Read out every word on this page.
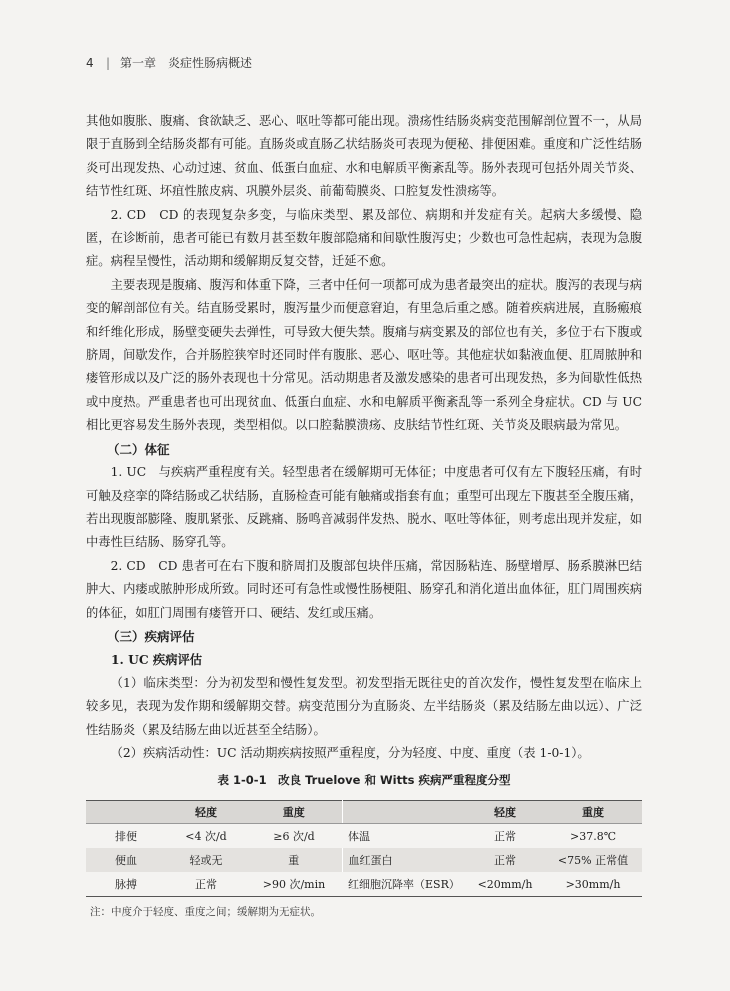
4 | 第一章　炎症性肠病概述

其他如腹胀、腹痛、食欲缺乏、恶心、呕吐等都可能出现。溃疡性结肠炎病变范围解剖位置不一，从局限于直肠到全结肠炎都有可能。直肠炎或直肠乙状结肠炎可表现为便秘、排便困难。重度和广泛性结肠炎可出现发热、心动过速、贫血、低蛋白血症、水和电解质平衡紊乱等。肠外表现可包括外周关节炎、结节性红斑、坏疽性脓皮病、巩膜外层炎、前葡萄膜炎、口腔复发性溃疡等。

2. CD　CD 的表现复杂多变，与临床类型、累及部位、病期和并发症有关。起病大多缓慢、隐匿，在诊断前，患者可能已有数月甚至数年腹部隐痛和间歇性腹泻史；少数也可急性起病，表现为急腹症。病程呈慢性，活动期和缓解期反复交替，迁延不愈。

主要表现是腹痛、腹泻和体重下降，三者中任何一项都可成为患者最突出的症状。腹泻的表现与病变的解剖部位有关。结直肠受累时，腹泻量少而便意窘迫，有里急后重之感。随着疾病进展，直肠瘢痕和纤维化形成，肠壁变硬失去弹性，可导致大便失禁。腹痛与病变累及的部位也有关，多位于右下腹或脐周，间歇发作，合并肠腔狭窄时还同时伴有腹胀、恶心、呕吐等。其他症状如黏液血便、肛周脓肿和瘘管形成以及广泛的肠外表现也十分常见。活动期患者及激发感染的患者可出现发热，多为间歇性低热或中度热。严重患者也可出现贫血、低蛋白血症、水和电解质平衡紊乱等一系列全身症状。CD 与 UC 相比更容易发生肠外表现，类型相似。以口腔黏膜溃疡、皮肤结节性红斑、关节炎及眼病最为常见。

（二）体征

1. UC　与疾病严重程度有关。轻型患者在缓解期可无体征；中度患者可仅有左下腹轻压痛，有时可触及痉挛的降结肠或乙状结肠，直肠检查可能有触痛或指套有血；重型可出现左下腹甚至全腹压痛，若出现腹部膨隆、腹肌紧张、反跳痛、肠鸣音减弱伴发热、脱水、呕吐等体征，则考虑出现并发症，如中毒性巨结肠、肠穿孔等。

2. CD　CD 患者可在右下腹和脐周扪及腹部包块伴压痛，常因肠粘连、肠壁增厚、肠系膜淋巴结肿大、内瘘或脓肿形成所致。同时还可有急性或慢性肠梗阻、肠穿孔和消化道出血体征，肛门周围疾病的体征，如肛门周围有瘘管开口、硬结、发红或压痛。

（三）疾病评估
1. UC 疾病评估

（1）临床类型：分为初发型和慢性复发型。初发型指无既往史的首次发作，慢性复发型在临床上较多见，表现为发作期和缓解期交替。病变范围分为直肠炎、左半结肠炎（累及结肠左曲以远）、广泛性结肠炎（累及结肠左曲以近甚至全结肠）。

（2）疾病活动性：UC 活动期疾病按照严重程度，分为轻度、中度、重度（表 1-0-1）。

表 1-0-1　改良 Truelove 和 Witts 疾病严重程度分型
	轻度	重度		轻度	重度
排便	<4 次/d	≥6 次/d	体温	正常	>37.8℃
便血	轻或无	重	血红蛋白	正常	<75% 正常值
脉搏	正常	>90 次/min	红细胞沉降率（ESR）	<20mm/h	>30mm/h
注：中度介于轻度、重度之间；缓解期为无症状。
